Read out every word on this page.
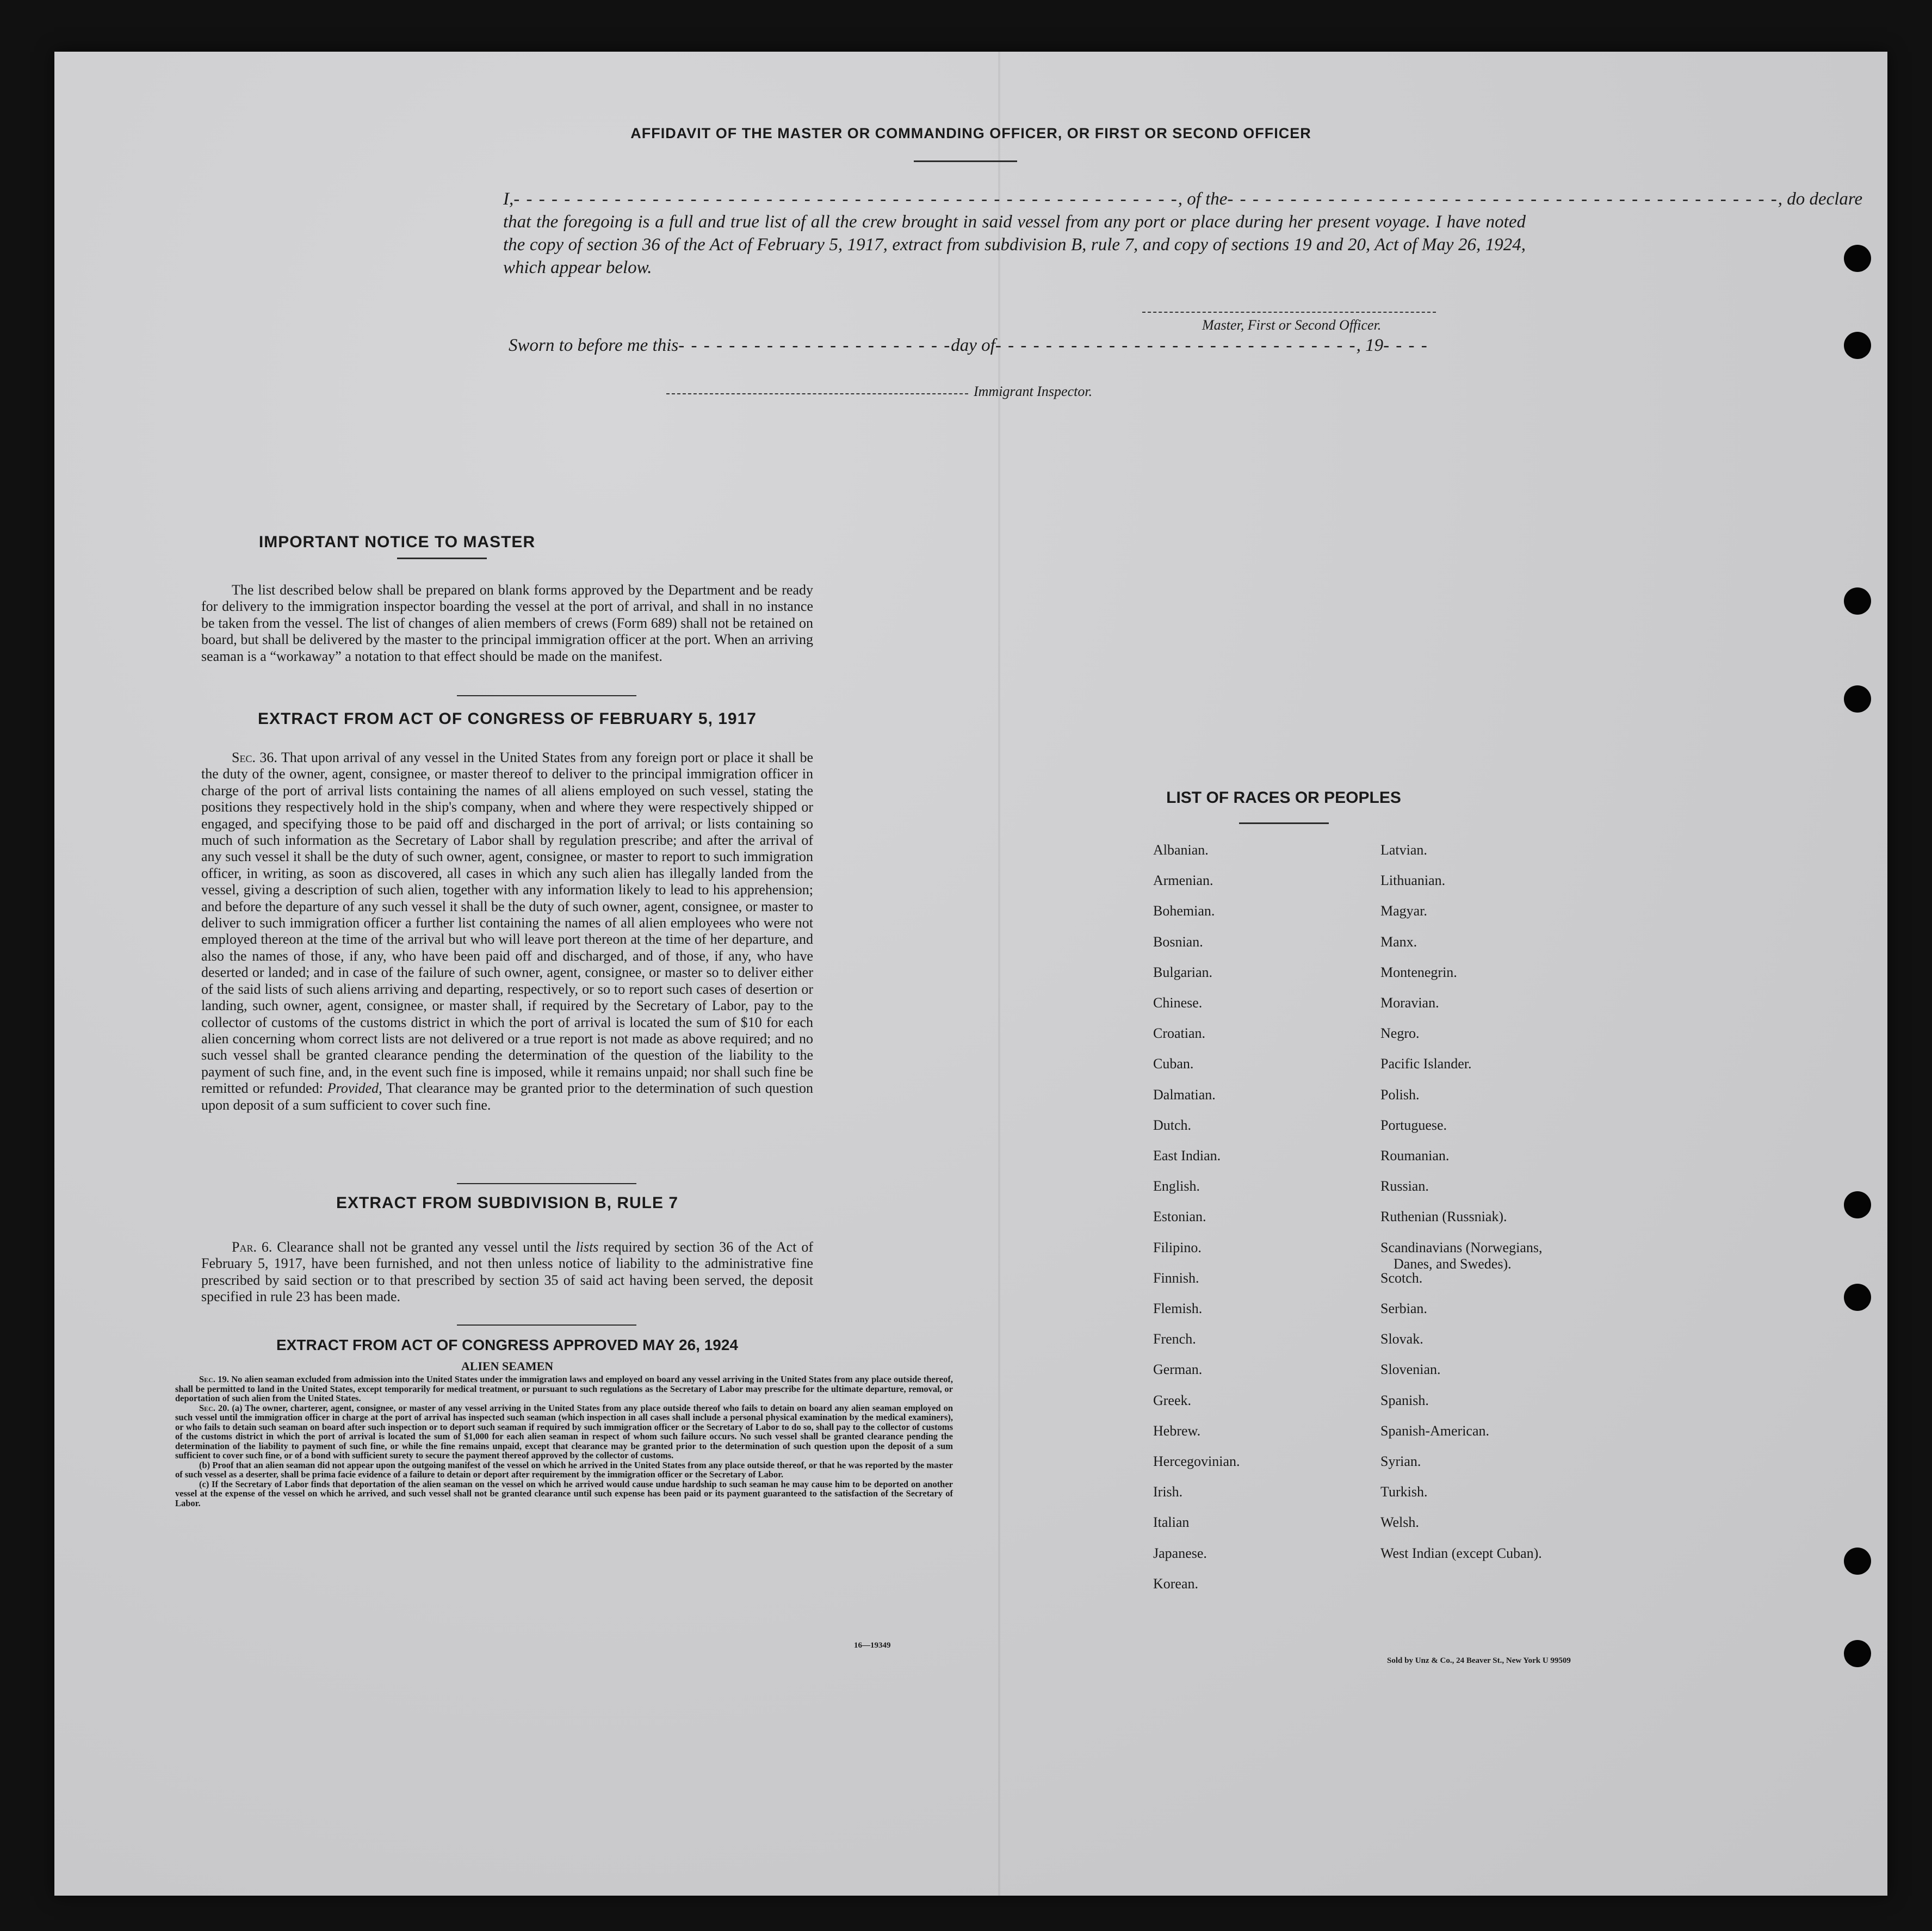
AFFIDAVIT OF THE MASTER OR COMMANDING OFFICER, OR FIRST OR SECOND OFFICER
I,- - - - - - - - - - - - - - - - - - - - - - - - - - - - - - - - - - - - - - - - - - - - - - - - - - - - -, of the- - - - - - - - - - - - - - - - - - - - - - - - - - - - - - - - - - - - - - - - - - - -, do declare
that the foregoing is a full and true list of all the crew brought in said vessel from any port or place during her present voyage. I have noted the copy of section 36 of the Act of February 5, 1917, extract from subdivision B, rule 7, and copy of sections 19 and 20, Act of May 26, 1924, which appear below.
Master, First or Second Officer.
Sworn to before me this- - - - - - - - - - - - - - - - - - - - - -day of- - - - - - - - - - - - - - - - - - - - - - - - - - - - -, 19- - - -
Immigrant Inspector.
IMPORTANT NOTICE TO MASTER
The list described below shall be prepared on blank forms approved by the Department and be ready for delivery to the immigration inspector boarding the vessel at the port of arrival, and shall in no instance be taken from the vessel. The list of changes of alien members of crews (Form 689) shall not be retained on board, but shall be delivered by the master to the principal immigration officer at the port. When an arriving seaman is a “workaway” a notation to that effect should be made on the manifest.
EXTRACT FROM ACT OF CONGRESS OF FEBRUARY 5, 1917
Sec. 36. That upon arrival of any vessel in the United States from any foreign port or place it shall be the duty of the owner, agent, consignee, or master thereof to deliver to the principal immigration officer in charge of the port of arrival lists containing the names of all aliens employed on such vessel, stating the positions they respectively hold in the ship's company, when and where they were respectively shipped or engaged, and specifying those to be paid off and discharged in the port of arrival; or lists containing so much of such information as the Secretary of Labor shall by regulation prescribe; and after the arrival of any such vessel it shall be the duty of such owner, agent, consignee, or master to report to such immigration officer, in writing, as soon as discovered, all cases in which any such alien has illegally landed from the vessel, giving a description of such alien, together with any information likely to lead to his apprehension; and before the departure of any such vessel it shall be the duty of such owner, agent, consignee, or master to deliver to such immigration officer a further list containing the names of all alien employees who were not employed thereon at the time of the arrival but who will leave port thereon at the time of her departure, and also the names of those, if any, who have been paid off and discharged, and of those, if any, who have deserted or landed; and in case of the failure of such owner, agent, consignee, or master so to deliver either of the said lists of such aliens arriving and departing, respectively, or so to report such cases of desertion or landing, such owner, agent, consignee, or master shall, if required by the Secretary of Labor, pay to the collector of customs of the customs district in which the port of arrival is located the sum of $10 for each alien concerning whom correct lists are not delivered or a true report is not made as above required; and no such vessel shall be granted clearance pending the determination of the question of the liability to the payment of such fine, and, in the event such fine is imposed, while it remains unpaid; nor shall such fine be remitted or refunded: Provided, That clearance may be granted prior to the determination of such question upon deposit of a sum sufficient to cover such fine.
EXTRACT FROM SUBDIVISION B, RULE 7
Par. 6. Clearance shall not be granted any vessel until the lists required by section 36 of the Act of February 5, 1917, have been furnished, and not then unless notice of liability to the administrative fine prescribed by said section or to that prescribed by section 35 of said act having been served, the deposit specified in rule 23 has been made.
EXTRACT FROM ACT OF CONGRESS APPROVED MAY 26, 1924
ALIEN SEAMEN
Sec. 19. No alien seaman excluded from admission into the United States under the immigration laws and employed on board any vessel arriving in the United States from any place outside thereof, shall be permitted to land in the United States, except temporarily for medical treatment, or pursuant to such regulations as the Secretary of Labor may prescribe for the ultimate departure, removal, or deportation of such alien from the United States.
Sec. 20. (a) The owner, charterer, agent, consignee, or master of any vessel arriving in the United States from any place outside thereof who fails to detain on board any alien seaman employed on such vessel until the immigration officer in charge at the port of arrival has inspected such seaman (which inspection in all cases shall include a personal physical examination by the medical examiners), or who fails to detain such seaman on board after such inspection or to deport such seaman if required by such immigration officer or the Secretary of Labor to do so, shall pay to the collector of customs of the customs district in which the port of arrival is located the sum of $1,000 for each alien seaman in respect of whom such failure occurs. No such vessel shall be granted clearance pending the determination of the liability to payment of such fine, or while the fine remains unpaid, except that clearance may be granted prior to the determination of such question upon the deposit of a sum sufficient to cover such fine, or of a bond with sufficient surety to secure the payment thereof approved by the collector of customs.
(b) Proof that an alien seaman did not appear upon the outgoing manifest of the vessel on which he arrived in the United States from any place outside thereof, or that he was reported by the master of such vessel as a deserter, shall be prima facie evidence of a failure to detain or deport after requirement by the immigration officer or the Secretary of Labor.
(c) If the Secretary of Labor finds that deportation of the alien seaman on the vessel on which he arrived would cause undue hardship to such seaman he may cause him to be deported on another vessel at the expense of the vessel on which he arrived, and such vessel shall not be granted clearance until such expense has been paid or its payment guaranteed to the satisfaction of the Secretary of Labor.
16—19349
LIST OF RACES OR PEOPLES
Sold by Unz & Co., 24 Beaver St., New York U 99509
Albanian.
Armenian.
Bohemian.
Bosnian.
Bulgarian.
Chinese.
Croatian.
Cuban.
Dalmatian.
Dutch.
East Indian.
English.
Estonian.
Filipino.
Finnish.
Flemish.
French.
German.
Greek.
Hebrew.
Hercegovinian.
Irish.
Italian
Japanese.
Korean.
Latvian.
Lithuanian.
Magyar.
Manx.
Montenegrin.
Moravian.
Negro.
Pacific Islander.
Polish.
Portuguese.
Roumanian.
Russian.
Ruthenian (Russniak).
Scandinavians (Norwegians,
Danes, and Swedes).
Scotch.
Serbian.
Slovak.
Slovenian.
Spanish.
Spanish-American.
Syrian.
Turkish.
Welsh.
West Indian (except Cuban).
